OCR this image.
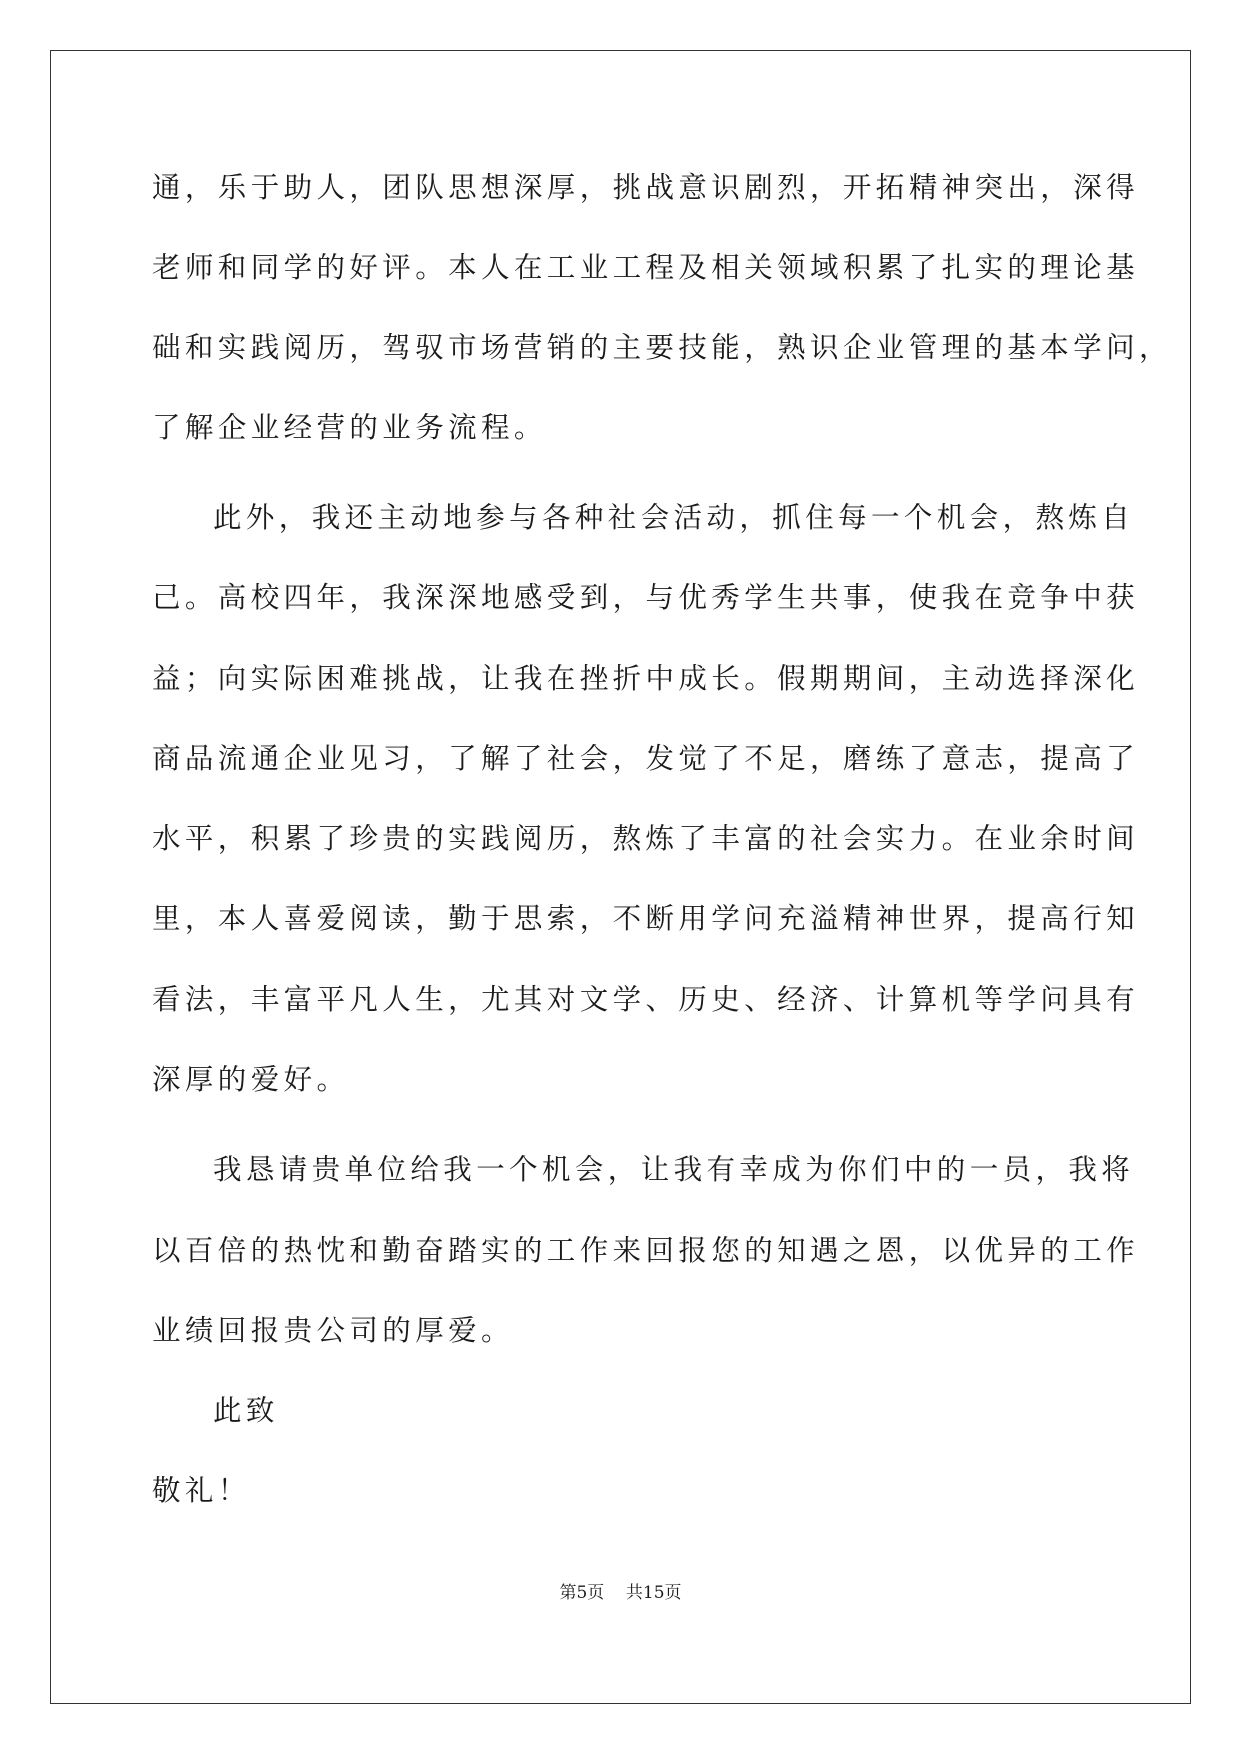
通，乐于助人，团队思想深厚，挑战意识剧烈，开拓精神突出，深得
老师和同学的好评。本人在工业工程及相关领域积累了扎实的理论基
础和实践阅历，驾驭市场营销的主要技能，熟识企业管理的基本学问，
了解企业经营的业务流程。
此外，我还主动地参与各种社会活动，抓住每一个机会，熬炼自
己。高校四年，我深深地感受到，与优秀学生共事，使我在竞争中获
益；向实际困难挑战，让我在挫折中成长。假期期间，主动选择深化
商品流通企业见习，了解了社会，发觉了不足，磨练了意志，提高了
水平，积累了珍贵的实践阅历，熬炼了丰富的社会实力。在业余时间
里，本人喜爱阅读，勤于思索，不断用学问充溢精神世界，提高行知
看法，丰富平凡人生，尤其对文学、历史、经济、计算机等学问具有
深厚的爱好。
我恳请贵单位给我一个机会，让我有幸成为你们中的一员，我将
以百倍的热忱和勤奋踏实的工作来回报您的知遇之恩，以优异的工作
业绩回报贵公司的厚爱。
此致
敬礼！
第5页 共15页
